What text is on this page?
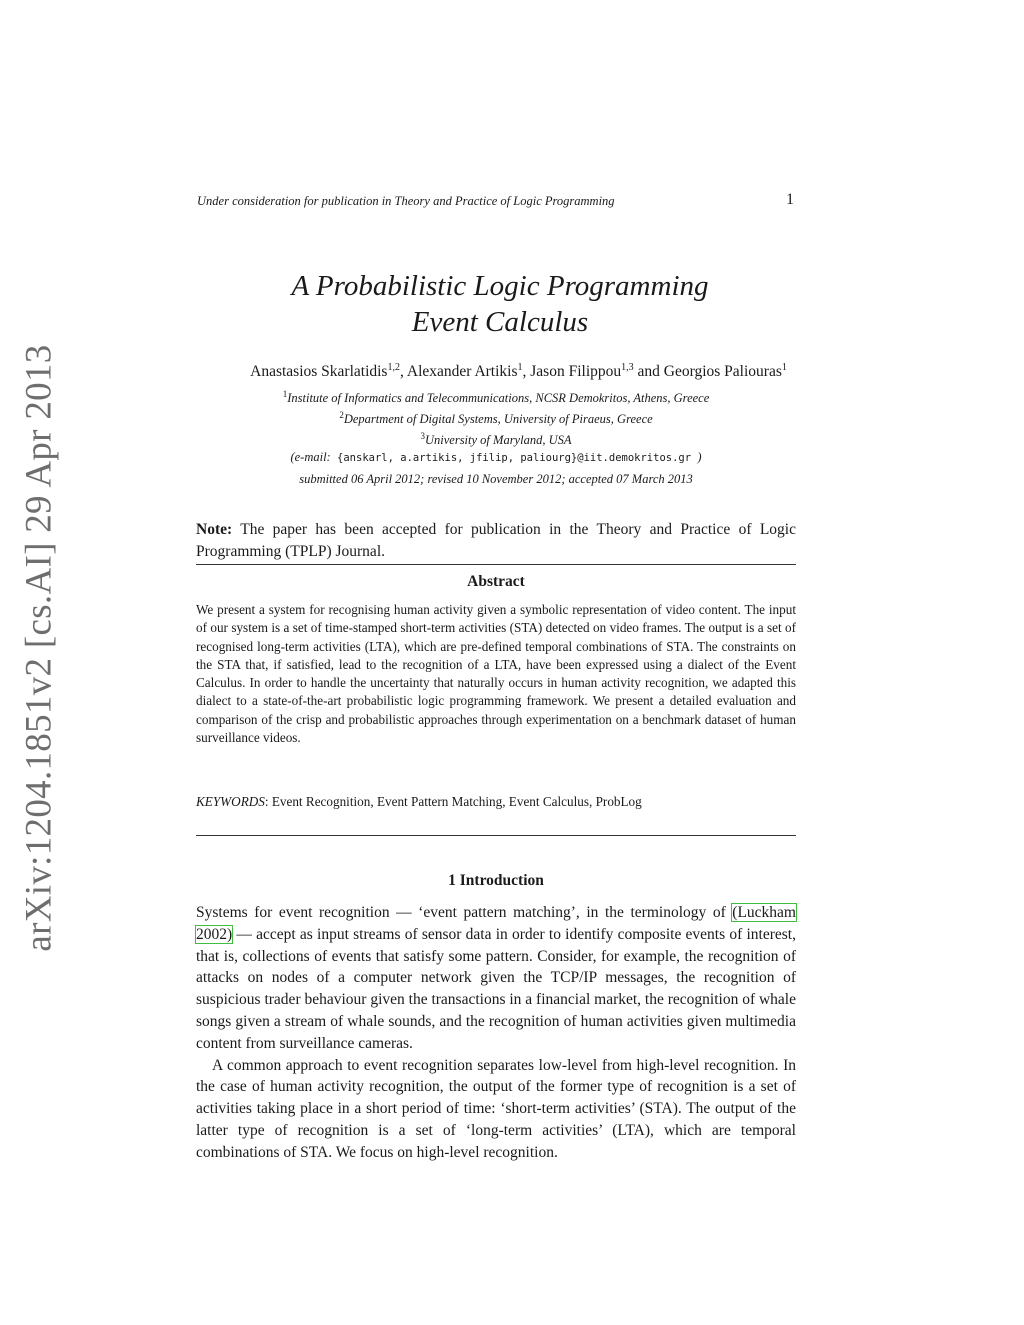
arXiv:1204.1851v2 [cs.AI] 29 Apr 2013
Under consideration for publication in Theory and Practice of Logic Programming	1
A Probabilistic Logic Programming
Event Calculus
Anastasios Skarlatidis$^{1,2}$, Alexander Artikis$^1$, Jason Filippou$^{1,3}$ and Georgios Paliouras$^1$
$^1$Institute of Informatics and Telecommunications, NCSR Demokritos, Athens, Greece
$^2$Department of Digital Systems, University of Piraeus, Greece
$^3$University of Maryland, USA
(e-mail: {anskarl, a.artikis, jfilip, paliourg}@iit.demokritos.gr )
submitted 06 April 2012; revised 10 November 2012; accepted 07 March 2013
Note: The paper has been accepted for publication in the Theory and Practice of Logic Programming (TPLP) Journal.
Abstract
We present a system for recognising human activity given a symbolic representation of video content. The input of our system is a set of time-stamped short-term activities (STA) detected on video frames. The output is a set of recognised long-term activities (LTA), which are pre-defined temporal combinations of STA. The constraints on the STA that, if satisfied, lead to the recognition of a LTA, have been expressed using a dialect of the Event Calculus. In order to handle the uncertainty that naturally occurs in human activity recognition, we adapted this dialect to a state-of-the-art probabilistic logic programming framework. We present a detailed evaluation and comparison of the crisp and probabilistic approaches through experimentation on a benchmark dataset of human surveillance videos.
KEYWORDS: Event Recognition, Event Pattern Matching, Event Calculus, ProbLog
1 Introduction

Systems for event recognition — ‘event pattern matching’, in the terminology of (Luckham 2002) — accept as input streams of sensor data in order to identify composite events of interest, that is, collections of events that satisfy some pattern. Consider, for example, the recognition of attacks on nodes of a computer network given the TCP/IP messages, the recognition of suspicious trader behaviour given the transactions in a financial market, the recognition of whale songs given a stream of whale sounds, and the recognition of human activities given multimedia content from surveillance cameras.

A common approach to event recognition separates low-level from high-level recognition. In the case of human activity recognition, the output of the former type of recognition is a set of activities taking place in a short period of time: ‘short-term activities’ (STA). The output of the latter type of recognition is a set of ‘long-term activities’ (LTA), which are temporal combinations of STA. We focus on high-level recognition.
